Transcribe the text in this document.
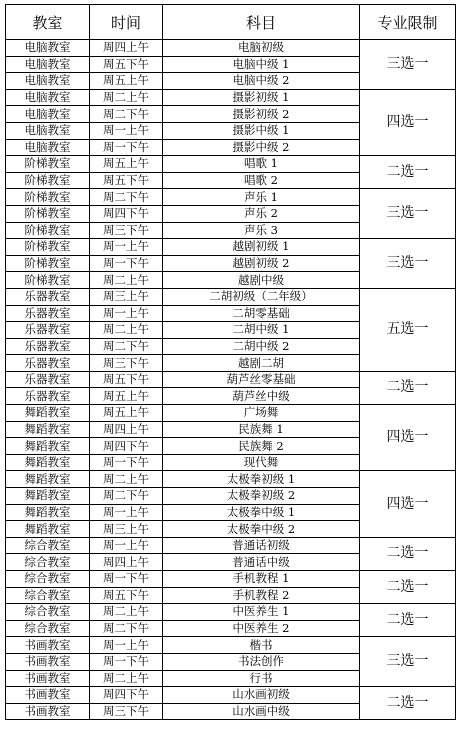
教室	时间	科目	专业限制
电脑教室	周四上午	电脑初级	三选一
电脑教室	周五下午	电脑中级 1	
电脑教室	周五上午	电脑中级 2	
电脑教室	周二上午	摄影初级 1	四选一
电脑教室	周二下午	摄影初级 2	
电脑教室	周一上午	摄影中级 1	
电脑教室	周一下午	摄影中级 2	
阶梯教室	周五上午	唱歌 1	二选一
阶梯教室	周五下午	唱歌 2	
阶梯教室	周二下午	声乐 1	三选一
阶梯教室	周四下午	声乐 2	
阶梯教室	周三下午	声乐 3	
阶梯教室	周一上午	越剧初级 1	三选一
阶梯教室	周一下午	越剧初级 2	
阶梯教室	周二上午	越剧中级	
乐器教室	周三上午	二胡初级（二年级）	五选一
乐器教室	周一上午	二胡零基础	
乐器教室	周二上午	二胡中级 1	
乐器教室	周二下午	二胡中级 2	
乐器教室	周三下午	越剧二胡	
乐器教室	周五下午	葫芦丝零基础	二选一
乐器教室	周五上午	葫芦丝中级	
舞蹈教室	周五上午	广场舞	四选一
舞蹈教室	周四上午	民族舞 1	
舞蹈教室	周四下午	民族舞 2	
舞蹈教室	周一下午	现代舞	
舞蹈教室	周二上午	太极拳初级 1	四选一
舞蹈教室	周二下午	太极拳初级 2	
舞蹈教室	周一上午	太极拳中级 1	
舞蹈教室	周三上午	太极拳中级 2	
综合教室	周一上午	普通话初级	二选一
综合教室	周四上午	普通话中级	
综合教室	周一下午	手机教程 1	二选一
综合教室	周五下午	手机教程 2	
综合教室	周二上午	中医养生 1	二选一
综合教室	周二下午	中医养生 2	
书画教室	周一上午	楷书	三选一
书画教室	周一下午	书法创作	
书画教室	周二上午	行书	
书画教室	周四下午	山水画初级	二选一
书画教室	周三下午	山水画中级	
